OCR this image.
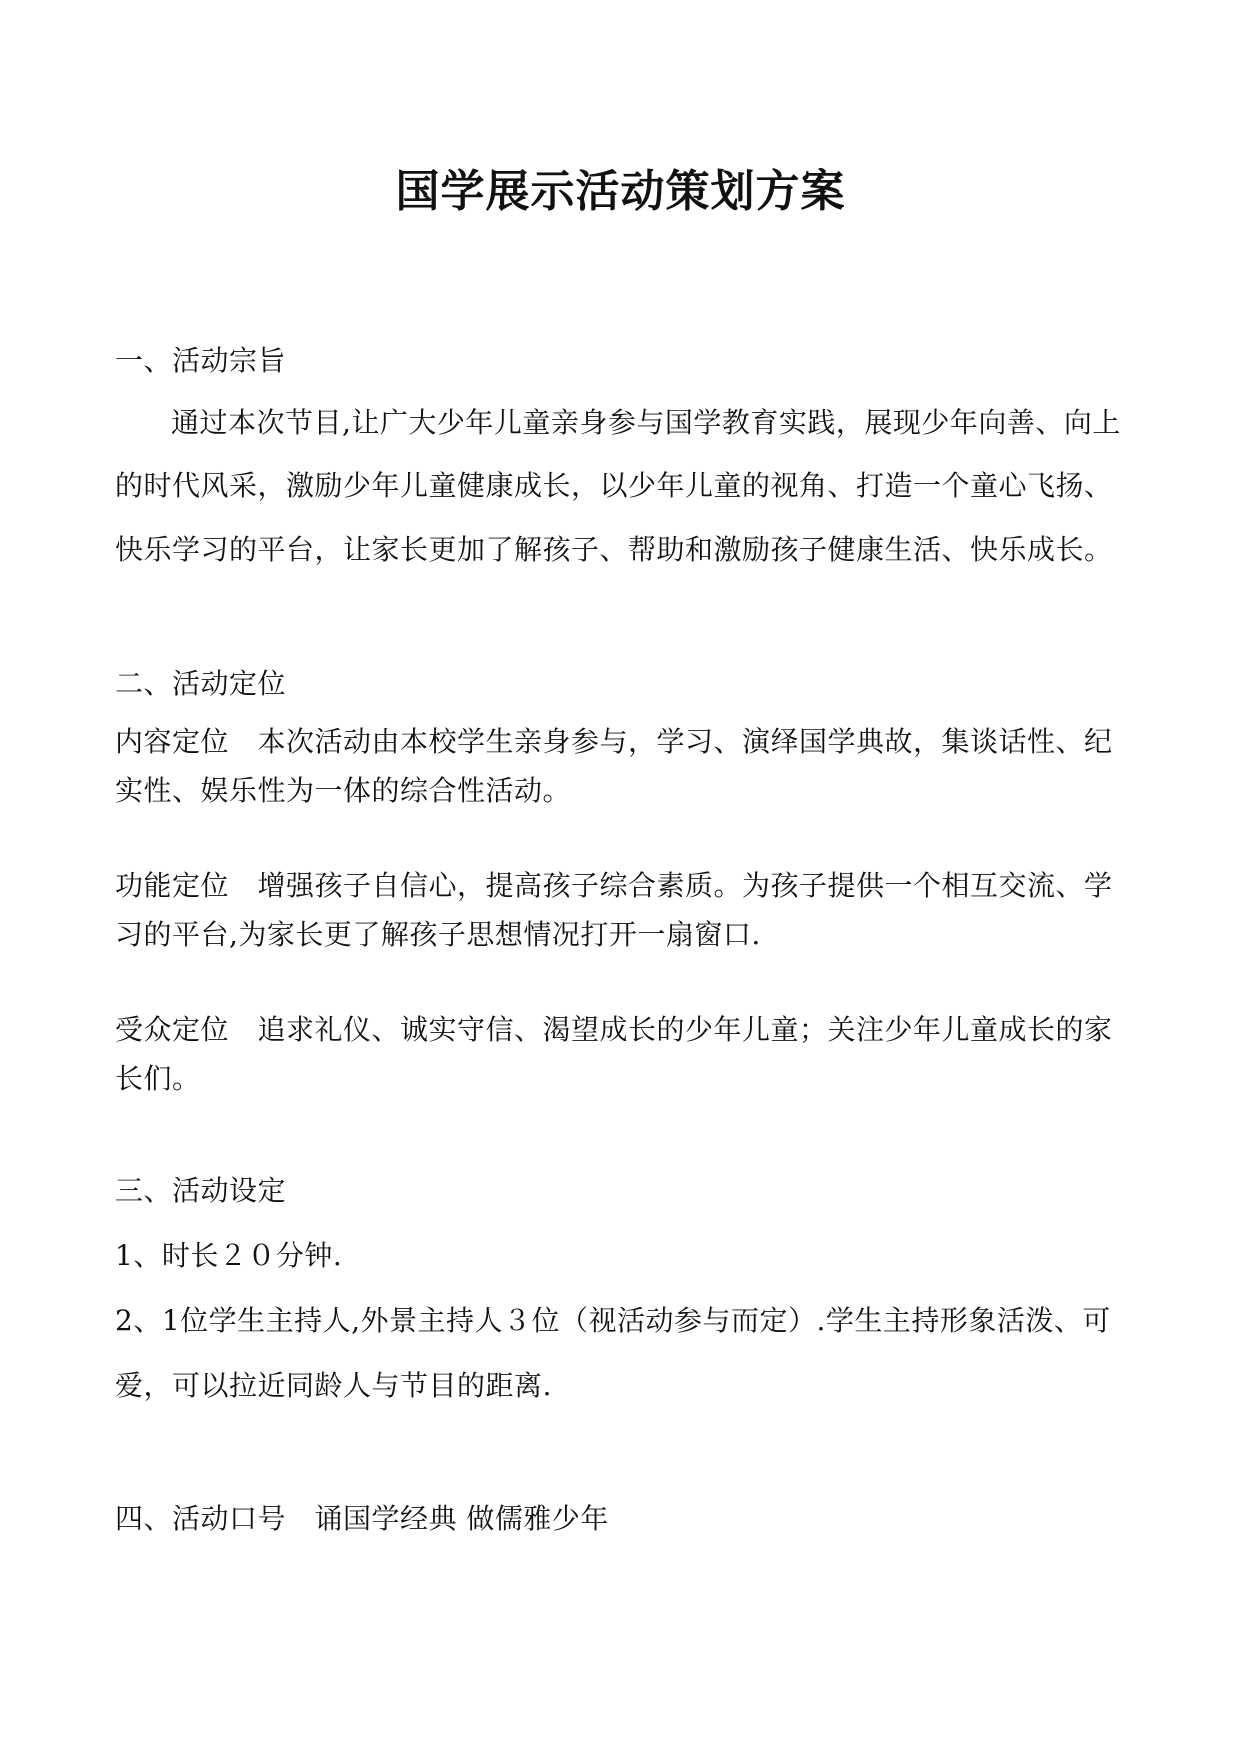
国学展示活动策划方案
一、活动宗旨
通过本次节目,让广大少年儿童亲身参与国学教育实践，展现少年向善、向上
的时代风采，激励少年儿童健康成长，以少年儿童的视角、打造一个童心飞扬、
快乐学习的平台，让家长更加了解孩子、帮助和激励孩子健康生活、快乐成长。
二、活动定位
内容定位　本次活动由本校学生亲身参与，学习、演绎国学典故，集谈话性、纪
实性、娱乐性为一体的综合性活动。
功能定位　增强孩子自信心，提高孩子综合素质。为孩子提供一个相互交流、学
习的平台,为家长更了解孩子思想情况打开一扇窗口.
受众定位　追求礼仪、诚实守信、渴望成长的少年儿童；关注少年儿童成长的家
长们。
三、活动设定
1、时长２０分钟.
2、1位学生主持人,外景主持人３位（视活动参与而定）.学生主持形象活泼、可
爱，可以拉近同龄人与节目的距离.
四、活动口号　诵国学经典 做儒雅少年
